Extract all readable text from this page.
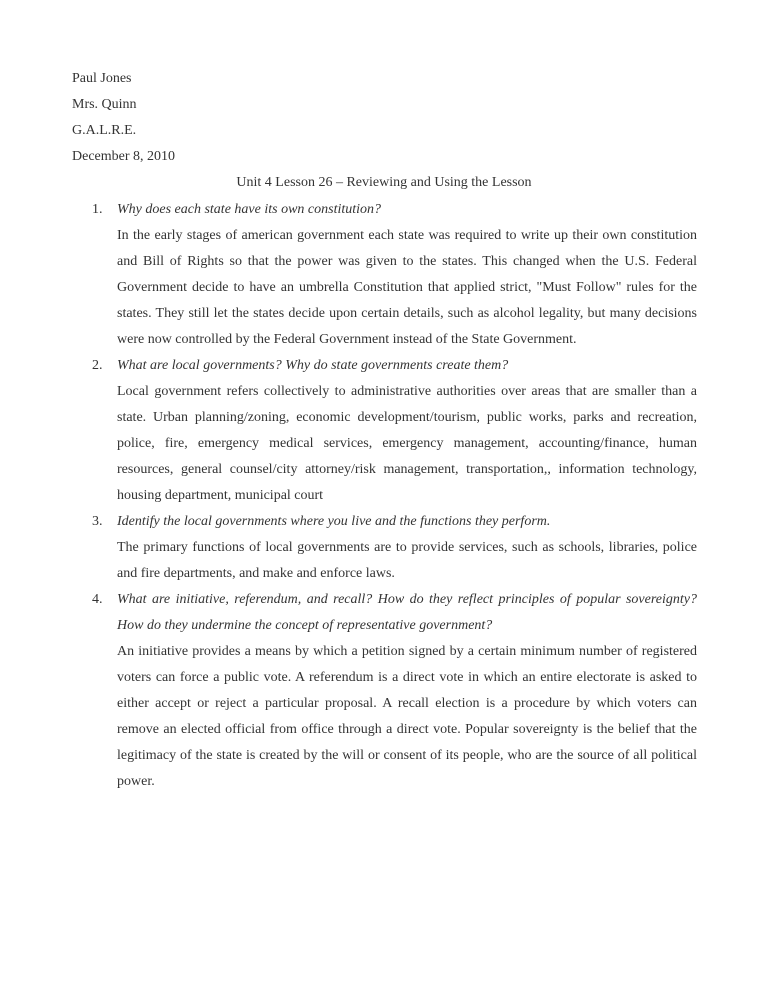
Paul Jones
Mrs. Quinn
G.A.L.R.E.
December 8, 2010
Unit 4 Lesson 26 – Reviewing and Using the Lesson
1. Why does each state have its own constitution?
In the early stages of american government each state was required to write up their own constitution and Bill of Rights so that the power was given to the states. This changed when the U.S. Federal Government decide to have an umbrella Constitution that applied strict, "Must Follow" rules for the states. They still let the states decide upon certain details, such as alcohol legality, but many decisions were now controlled by the Federal Government instead of the State Government.
2. What are local governments? Why do state governments create them?
Local government refers collectively to administrative authorities over areas that are smaller than a state. Urban planning/zoning, economic development/tourism, public works, parks and recreation, police, fire, emergency medical services, emergency management, accounting/finance, human resources, general counsel/city attorney/risk management, transportation,, information technology, housing department, municipal court
3. Identify the local governments where you live and the functions they perform.
The primary functions of local governments are to provide services, such as schools, libraries, police and fire departments, and make and enforce laws.
4. What are initiative, referendum, and recall? How do they reflect principles of popular sovereignty? How do they undermine the concept of representative government?
An initiative provides a means by which a petition signed by a certain minimum number of registered voters can force a public vote. A referendum is a direct vote in which an entire electorate is asked to either accept or reject a particular proposal. A recall election is a procedure by which voters can remove an elected official from office through a direct vote. Popular sovereignty is the belief that the legitimacy of the state is created by the will or consent of its people, who are the source of all political power.
